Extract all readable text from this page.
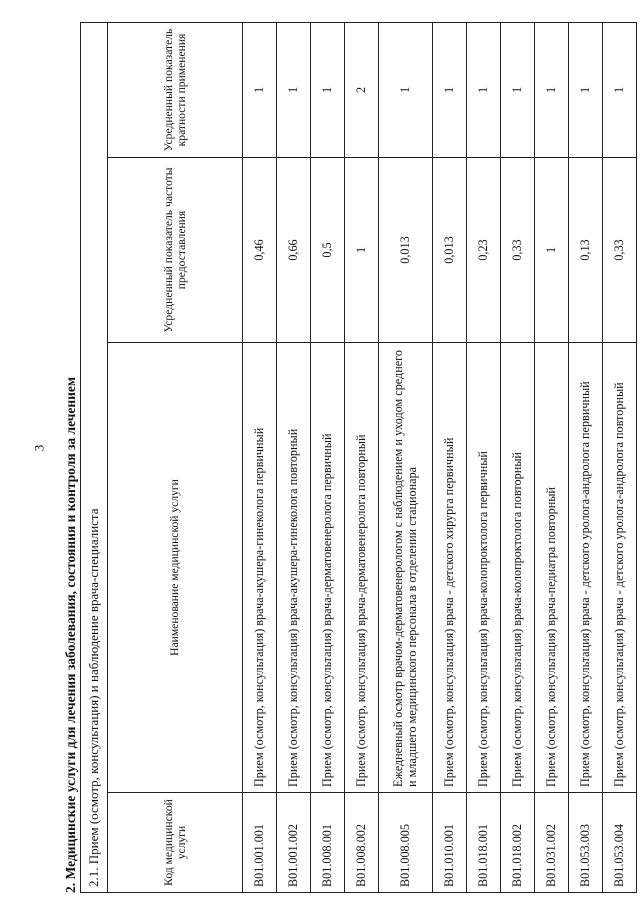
3 2. Медицинские услуги для лечения заболевания, состояния и контроля за лечением 2.1. Прием (осмотр, консультация) и наблюдение врача-специалиста			
Код медицинской услуги	Наименование медицинской услуги	Усредненный показатель частоты предоставления	Усредненный показатель кратности применения
B01.001.001	Прием (осмотр, консультация) врача-акушера-гинеколога первичный	0,46	1
B01.001.002	Прием (осмотр, консультация) врача-акушера-гинеколога повторный	0,66	1
B01.008.001	Прием (осмотр, консультация) врача-дерматовенеролога первичный	0,5	1
B01.008.002	Прием (осмотр, консультация) врача-дерматовенеролога повторный	1	2
B01.008.005	Ежедневный осмотр врачом-дерматовенерологом с наблюдением и уходом среднего и младшего медицинского персонала в отделении стационара	0,013	1
B01.010.001	Прием (осмотр, консультация) врача - детского хирурга первичный	0,013	1
B01.018.001	Прием (осмотр, консультация) врача-колопроктолога первичный	0,23	1
B01.018.002	Прием (осмотр, консультация) врача-колопроктолога повторный	0,33	1
B01.031.002	Прием (осмотр, консультация) врача-педиатра повторный	1	1
B01.053.003	Прием (осмотр, консультация) врача - детского уролога-андролога первичный	0,13	1
B01.053.004	Прием (осмотр, консультация) врача - детского уролога-андролога повторный	0,33	1
